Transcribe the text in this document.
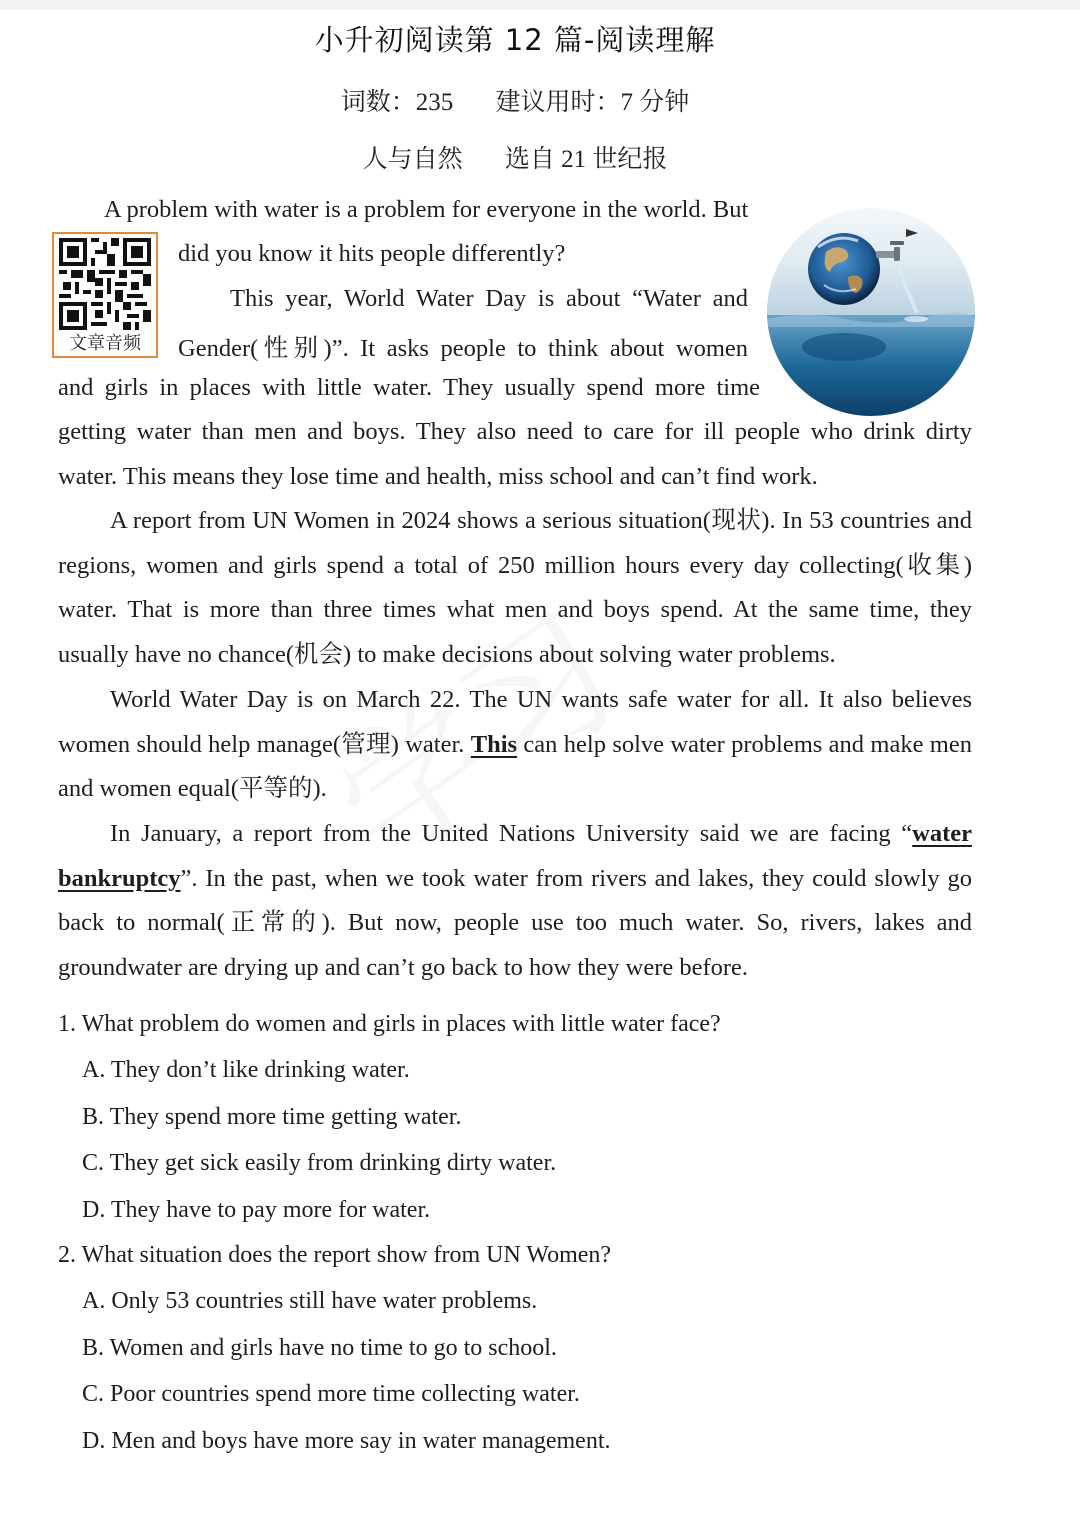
小升初阅读第 12 篇-阅读理解
词数：235 建议用时：7 分钟
人与自然 选自 21 世纪报
文章音频

A problem with water is a problem for everyone in the world. But

did you know it hits people differently?

This year, World Water Day is about “Water and

Gender(性别)”. It asks people to think about women

and girls in places with little water. They usually spend more time

getting water than men and boys. They also need to care for ill people who drink dirty

water. This means they lose time and health, miss school and can’t find work.

A report from UN Women in 2024 shows a serious situation(现状). In 53 countries and regions, women and girls spend a total of 250 million hours every day collecting(收集) water. That is more than three times what men and boys spend. At the same time, they usually have no chance(机会) to make decisions about solving water problems.

World Water Day is on March 22. The UN wants safe water for all. It also believes women should help manage(管理) water. This can help solve water problems and make men and women equal(平等的).

In January, a report from the United Nations University said we are facing “water bankruptcy”. In the past, when we took water from rivers and lakes, they could slowly go back to normal(正常的). But now, people use too much water. So, rivers, lakes and groundwater are drying up and can’t go back to how they were before.

1. What problem do women and girls in places with little water face?

A. They don’t like drinking water.

B. They spend more time getting water.

C. They get sick easily from drinking dirty water.

D. They have to pay more for water.

2. What situation does the report show from UN Women?

A. Only 53 countries still have water problems.

B. Women and girls have no time to go to school.

C. Poor countries spend more time collecting water.

D. Men and boys have more say in water management.
